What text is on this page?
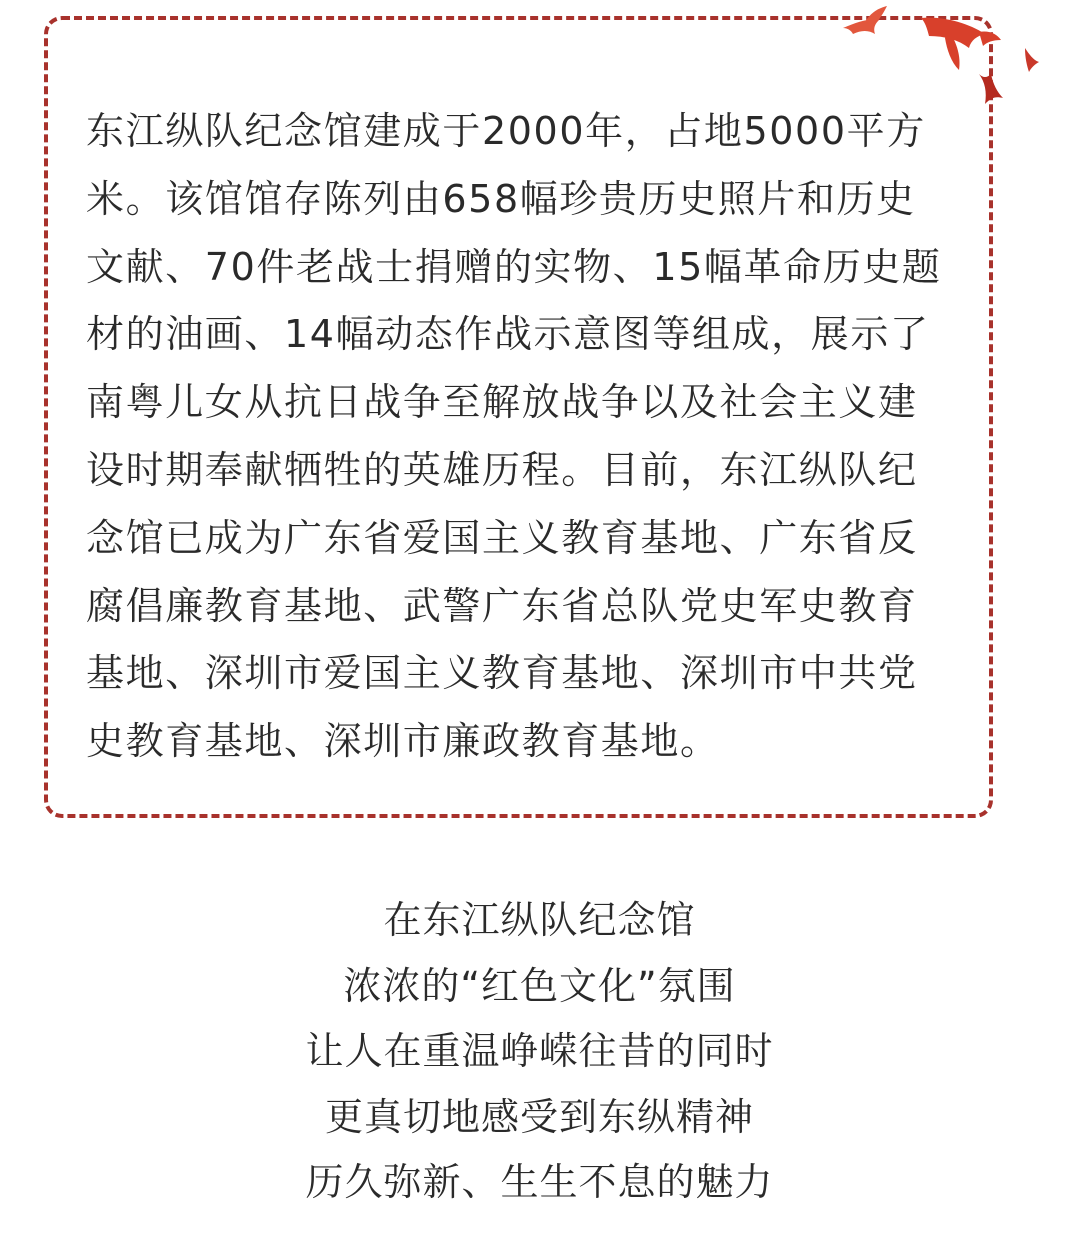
东江纵队纪念馆建成于2000年，占地5000平方
米。该馆馆存陈列由658幅珍贵历史照片和历史
文献、70件老战士捐赠的实物、15幅革命历史题
材的油画、14幅动态作战示意图等组成，展示了
南粤儿女从抗日战争至解放战争以及社会主义建
设时期奉献牺牲的英雄历程。目前，东江纵队纪
念馆已成为广东省爱国主义教育基地、广东省反
腐倡廉教育基地、武警广东省总队党史军史教育
基地、深圳市爱国主义教育基地、深圳市中共党
史教育基地、深圳市廉政教育基地。

在东江纵队纪念馆
浓浓的“红色文化”氛围
让人在重温峥嵘往昔的同时
更真切地感受到东纵精神
历久弥新、生生不息的魅力
